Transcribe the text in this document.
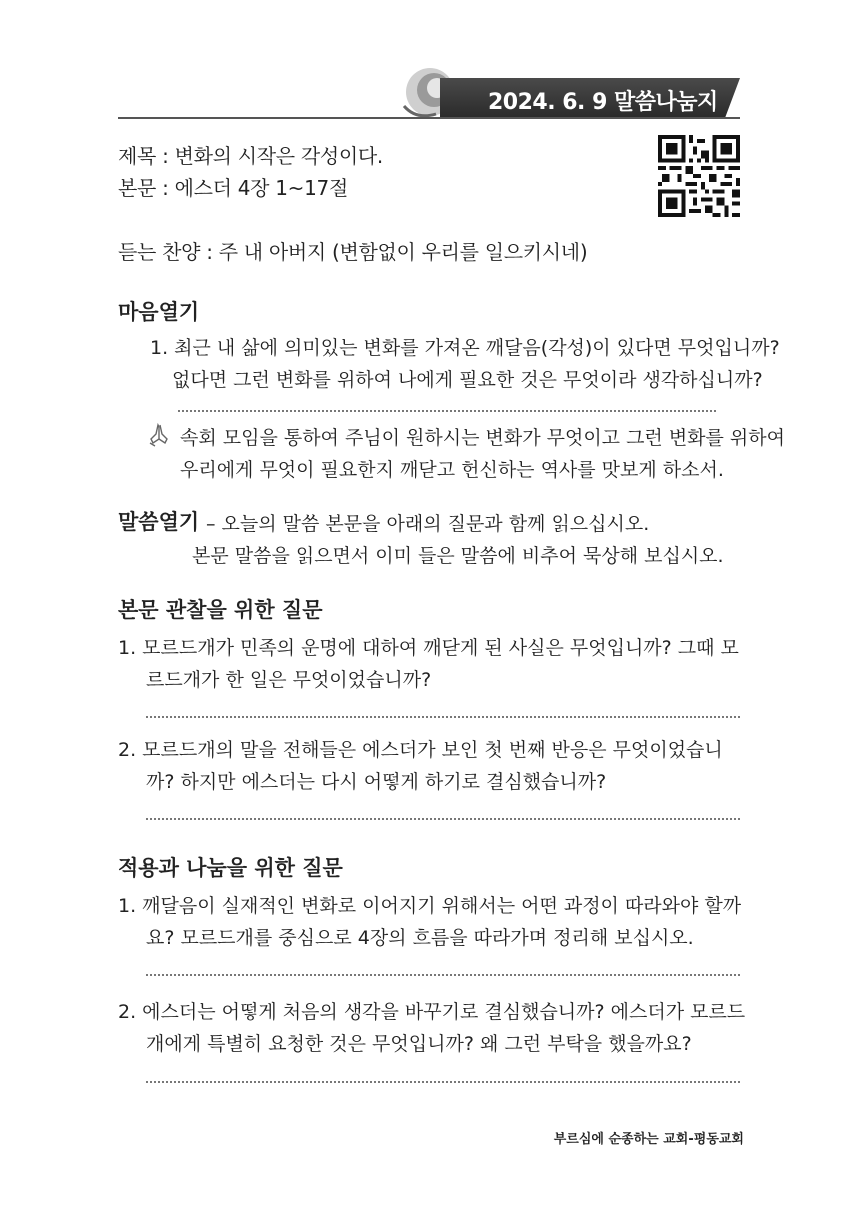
2024. 6. 9 말씀나눔지
제목 : 변화의 시작은 각성이다.
본문 : 에스더 4장 1~17절
듣는 찬양 : 주 내 아버지 (변함없이 우리를 일으키시네)
마음열기
1. 최근 내 삶에 의미있는 변화를 가져온 깨달음(각성)이 있다면 무엇입니까?
없다면 그런 변화를 위하여 나에게 필요한 것은 무엇이라 생각하십니까?
속회 모임을 통하여 주님이 원하시는 변화가 무엇이고 그런 변화를 위하여
우리에게 무엇이 필요한지 깨닫고 헌신하는 역사를 맛보게 하소서.
말씀열기 – 오늘의 말씀 본문을 아래의 질문과 함께 읽으십시오.
본문 말씀을 읽으면서 이미 들은 말씀에 비추어 묵상해 보십시오.
본문 관찰을 위한 질문
1. 모르드개가 민족의 운명에 대하여 깨닫게 된 사실은 무엇입니까? 그때 모
르드개가 한 일은 무엇이었습니까?
2. 모르드개의 말을 전해들은 에스더가 보인 첫 번째 반응은 무엇이었습니
까? 하지만 에스더는 다시 어떻게 하기로 결심했습니까?
적용과 나눔을 위한 질문
1. 깨달음이 실재적인 변화로 이어지기 위해서는 어떤 과정이 따라와야 할까
요? 모르드개를 중심으로 4장의 흐름을 따라가며 정리해 보십시오.
2. 에스더는 어떻게 처음의 생각을 바꾸기로 결심했습니까? 에스더가 모르드
개에게 특별히 요청한 것은 무엇입니까? 왜 그런 부탁을 했을까요?
부르심에 순종하는 교회-평동교회
